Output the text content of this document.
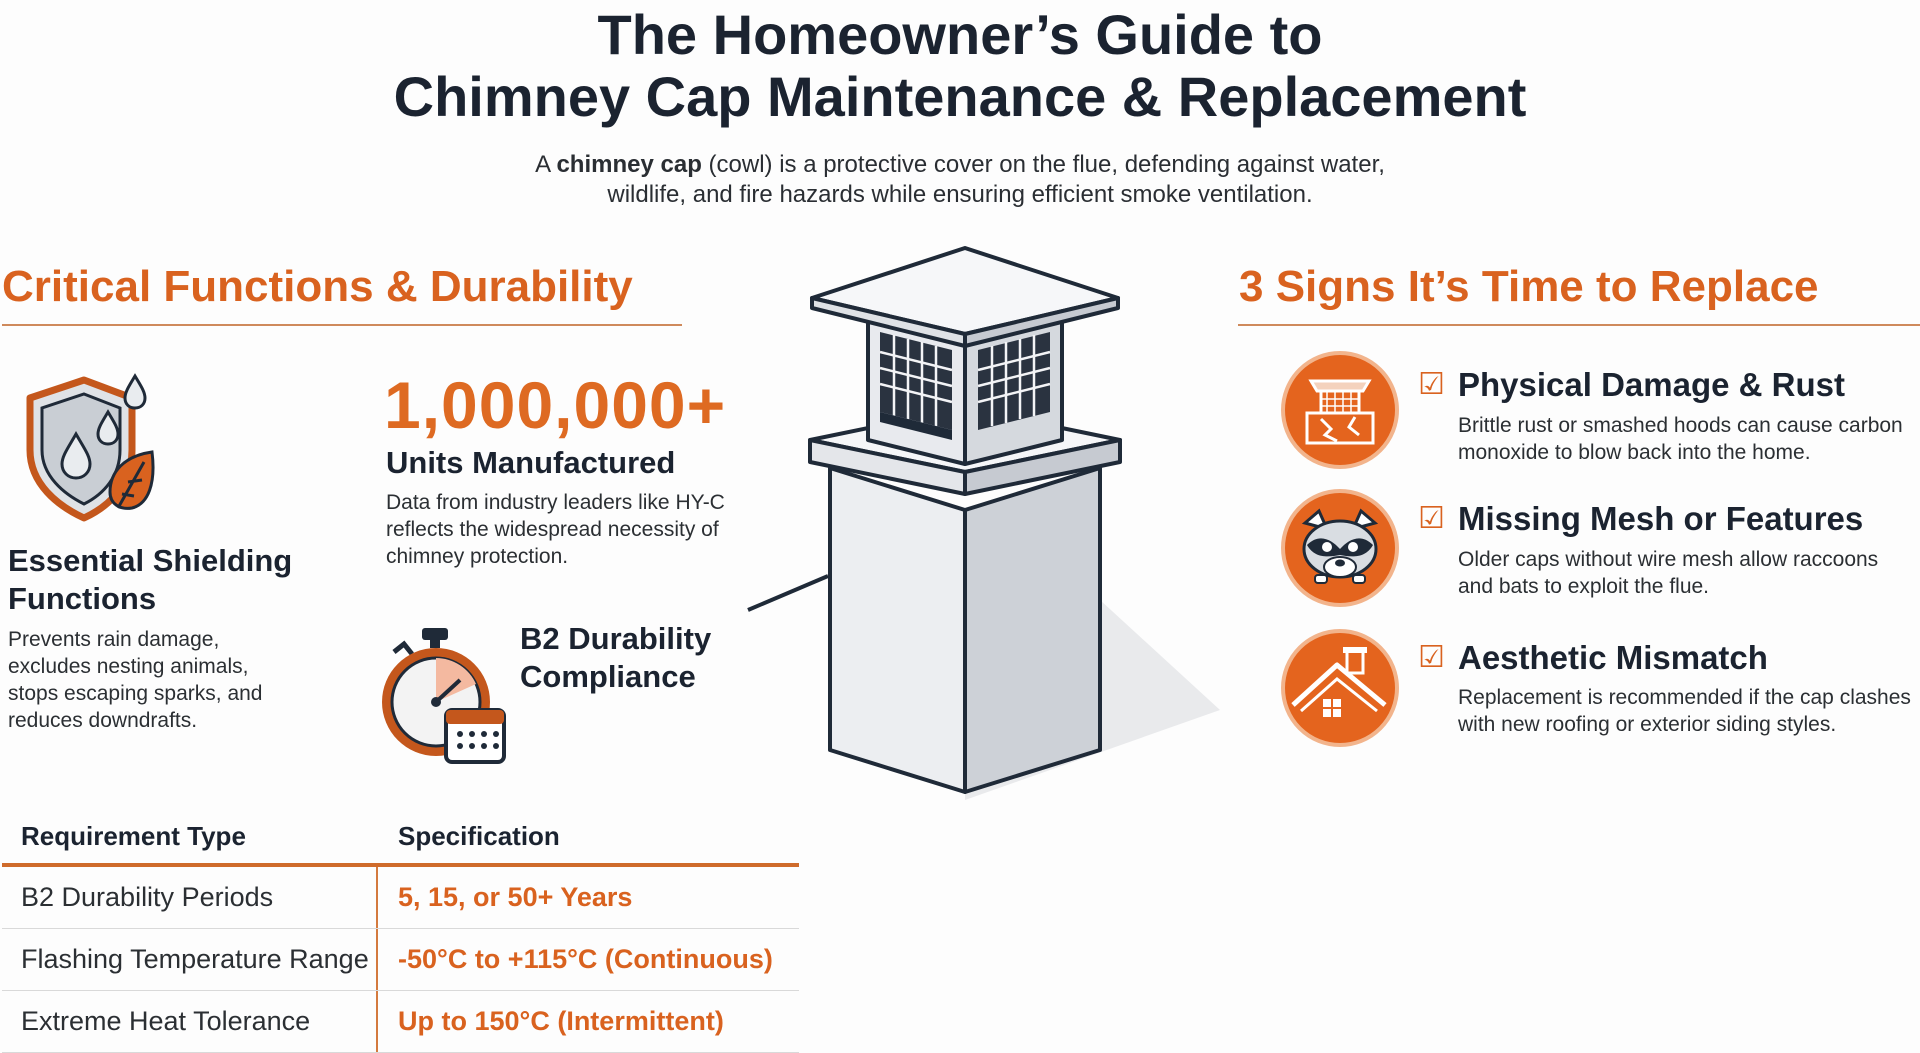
The Homeowner’s Guide to
Chimney Cap Maintenance & Replacement
A chimney cap (cowl) is a protective cover on the flue, defending against water,
wildlife, and fire hazards while ensuring efficient smoke ventilation.
Critical Functions & Durability
Essential Shielding
Functions
Prevents rain damage,
excludes nesting animals,
stops escaping sparks, and
reduces downdrafts.
1,000,000+
Units Manufactured
Data from industry leaders like HY-C
reflects the widespread necessity of
chimney protection.
B2 Durability
Compliance
Requirement Type	Specification
B2 Durability Periods	5, 15, or 50+ Years
Flashing Temperature Range -50°C to +115°C (Continuous)
Extreme Heat Tolerance	Up to 150°C (Intermittent)
3 Signs It’s Time to Replace
☑ Physical Damage & Rust
Brittle rust or smashed hoods can cause carbon
monoxide to blow back into the home.
☑ Missing Mesh or Features
Older caps without wire mesh allow raccoons
and bats to exploit the flue.
☑ Aesthetic Mismatch
Replacement is recommended if the cap clashes
with new roofing or exterior siding styles.
